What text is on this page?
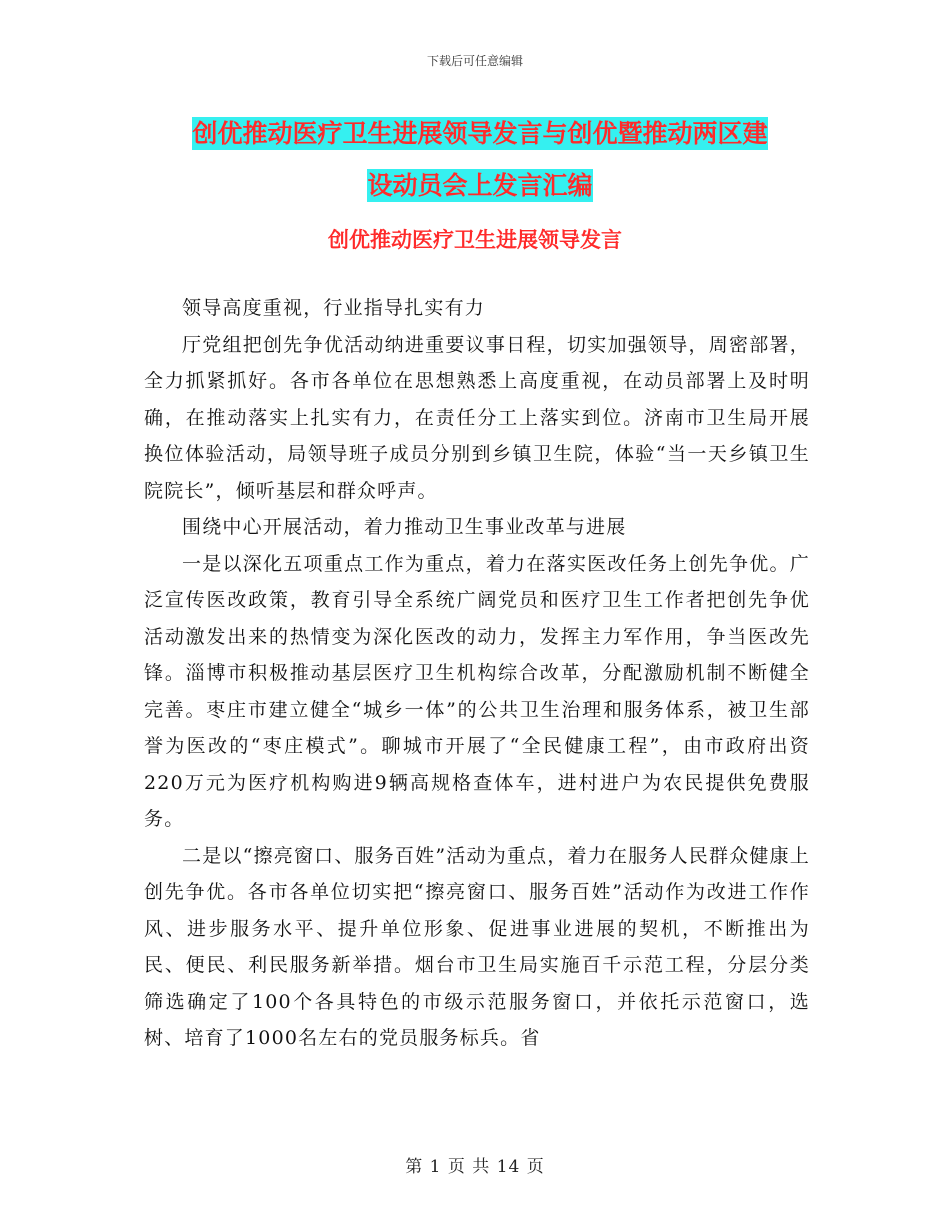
下载后可任意编辑
创优推动医疗卫生进展领导发言与创优暨推动两区建
设动员会上发言汇编
创优推动医疗卫生进展领导发言

领导高度重视，行业指导扎实有力

厅党组把创先争优活动纳进重要议事日程，切实加强领导，周密部署，全力抓紧抓好。各市各单位在思想熟悉上高度重视，在动员部署上及时明确，在推动落实上扎实有力，在责任分工上落实到位。济南市卫生局开展换位体验活动，局领导班子成员分别到乡镇卫生院，体验“当一天乡镇卫生院院长”，倾听基层和群众呼声。

围绕中心开展活动，着力推动卫生事业改革与进展

一是以深化五项重点工作为重点，着力在落实医改任务上创先争优。广泛宣传医改政策，教育引导全系统广阔党员和医疗卫生工作者把创先争优活动激发出来的热情变为深化医改的动力，发挥主力军作用，争当医改先锋。淄博市积极推动基层医疗卫生机构综合改革，分配激励机制不断健全完善。枣庄市建立健全“城乡一体”的公共卫生治理和服务体系，被卫生部誉为医改的“枣庄模式”。聊城市开展了“全民健康工程”，由市政府出资220万元为医疗机构购进9辆高规格查体车，进村进户为农民提供免费服务。

二是以“擦亮窗口、服务百姓”活动为重点，着力在服务人民群众健康上创先争优。各市各单位切实把“擦亮窗口、服务百姓”活动作为改进工作作风、进步服务水平、提升单位形象、促进事业进展的契机，不断推出为民、便民、利民服务新举措。烟台市卫生局实施百千示范工程，分层分类筛选确定了100个各具特色的市级示范服务窗口，并依托示范窗口，选树、培育了1000名左右的党员服务标兵。省

第 1 页 共 14 页
